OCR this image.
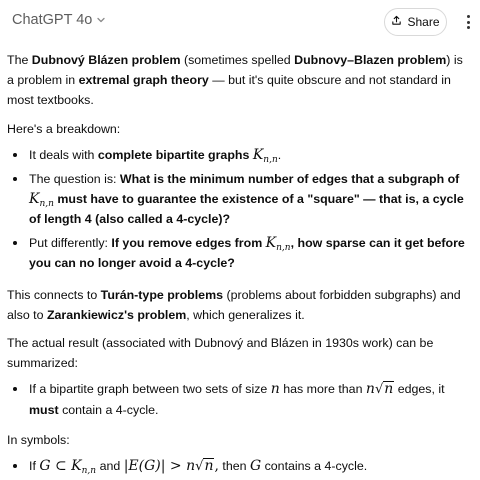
ChatGPT 4o	Share

The Dubnový Blázen problem (sometimes spelled Dubnovy–Blazen problem) is a problem in extremal graph theory — but it's quite obscure and not standard in most textbooks.

Here's a breakdown:

It deals with complete bipartite graphs $K_{n,n}$.
The question is: What is the minimum number of edges that a subgraph of $K_{n,n}$ must have to guarantee the existence of a "square" — that is, a cycle of length 4 (also called a 4-cycle)?
Put differently: If you remove edges from $K_{n,n}$, how sparse can it get before you can no longer avoid a 4-cycle?

This connects to Turán-type problems (problems about forbidden subgraphs) and also to Zarankiewicz's problem, which generalizes it.

The actual result (associated with Dubnový and Blázen in 1930s work) can be summarized:

If a bipartite graph between two sets of size n has more than n√n edges, it must contain a 4-cycle.

In symbols:

If G ⊂ $K_{n,n}$ and |E(G)| > n√n, then G contains a 4-cycle.
